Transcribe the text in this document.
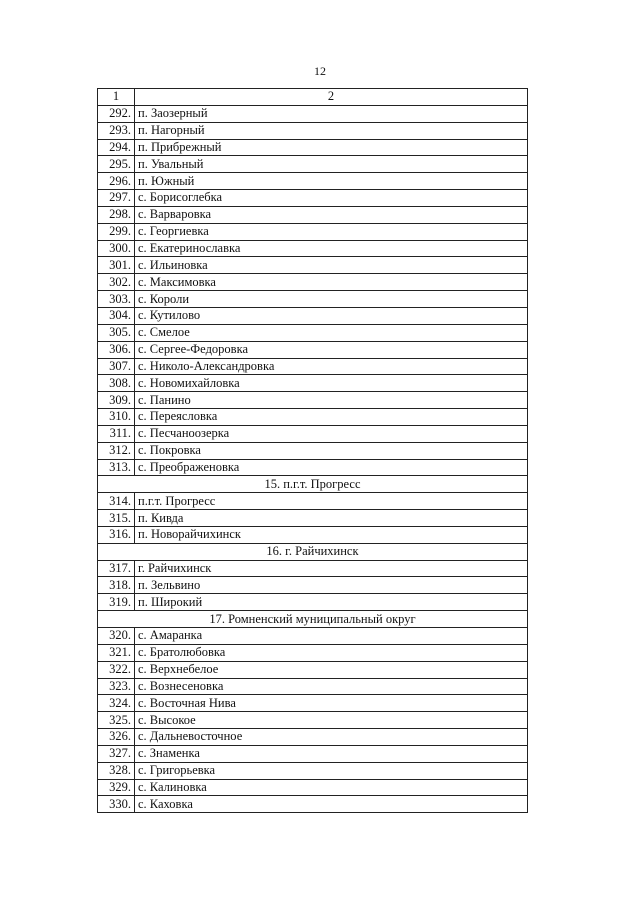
12
1	2
292.	п. Заозерный
293.	п. Нагорный
294.	п. Прибрежный
295.	п. Увальный
296.	п. Южный
297.	с. Борисоглебка
298.	с. Варваровка
299.	с. Георгиевка
300.	с. Екатеринославка
301.	с. Ильиновка
302.	с. Максимовка
303.	с. Короли
304.	с. Кутилово
305.	с. Смелое
306.	с. Сергее-Федоровка
307.	с. Николо-Александровка
308.	с. Новомихайловка
309.	с. Панино
310.	с. Переясловка
311.	с. Песчаноозерка
312.	с. Покровка
313.	с. Преображеновка
15. п.г.т. Прогресс	
314.	п.г.т. Прогресс
315.	п. Кивда
316.	п. Новорайчихинск
16. г. Райчихинск	
317.	г. Райчихинск
318.	п. Зельвино
319.	п. Широкий
17. Ромненский муниципальный округ	
320.	с. Амаранка
321.	с. Братолюбовка
322.	с. Верхнебелое
323.	с. Вознесеновка
324.	с. Восточная Нива
325.	с. Высокое
326.	с. Дальневосточное
327.	с. Знаменка
328.	с. Григорьевка
329.	с. Калиновка
330.	с. Каховка
